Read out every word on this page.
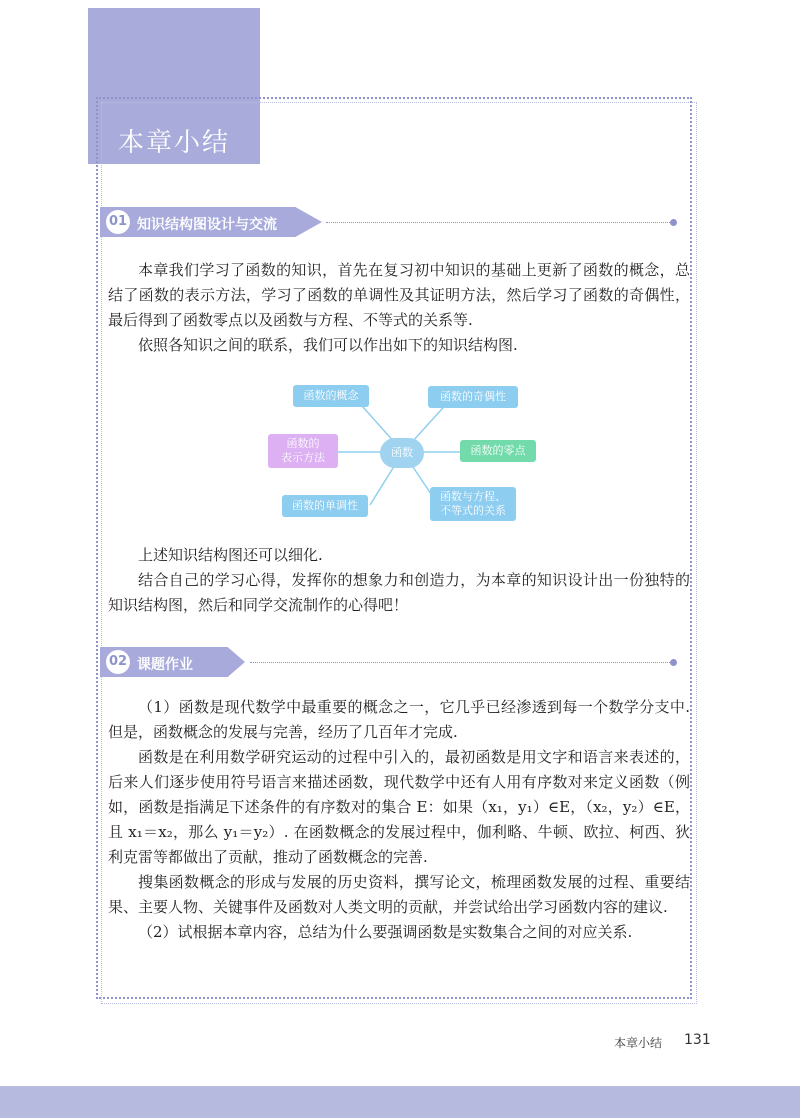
本章小结
01 知识结构图设计与交流

本章我们学习了函数的知识，首先在复习初中知识的基础上更新了函数的概念，总结了函数的表示方法，学习了函数的单调性及其证明方法，然后学习了函数的奇偶性，最后得到了函数零点以及函数与方程、不等式的关系等.

依照各知识之间的联系，我们可以作出如下的知识结构图.

函数的概念	函数的奇偶性
函数的
表示方法	函数	函数的零点
函数的单调性
函数与方程、
不等式的关系

上述知识结构图还可以细化.

结合自己的学习心得，发挥你的想象力和创造力，为本章的知识设计出一份独特的知识结构图，然后和同学交流制作的心得吧！

02 课题作业

（1）函数是现代数学中最重要的概念之一，它几乎已经渗透到每一个数学分支中. 但是，函数概念的发展与完善，经历了几百年才完成.

函数是在利用数学研究运动的过程中引入的，最初函数是用文字和语言来表述的，后来人们逐步使用符号语言来描述函数，现代数学中还有人用有序数对来定义函数（例如，函数是指满足下述条件的有序数对的集合 E：如果（x₁，y₁）∈E，（x₂，y₂）∈E，且 x₁＝x₂，那么 y₁＝y₂）. 在函数概念的发展过程中，伽利略、牛顿、欧拉、柯西、狄利克雷等都做出了贡献，推动了函数概念的完善.

搜集函数概念的形成与发展的历史资料，撰写论文，梳理函数发展的过程、重要结果、主要人物、关键事件及函数对人类文明的贡献，并尝试给出学习函数内容的建议.

（2）试根据本章内容，总结为什么要强调函数是实数集合之间的对应关系.

本章小结 131
